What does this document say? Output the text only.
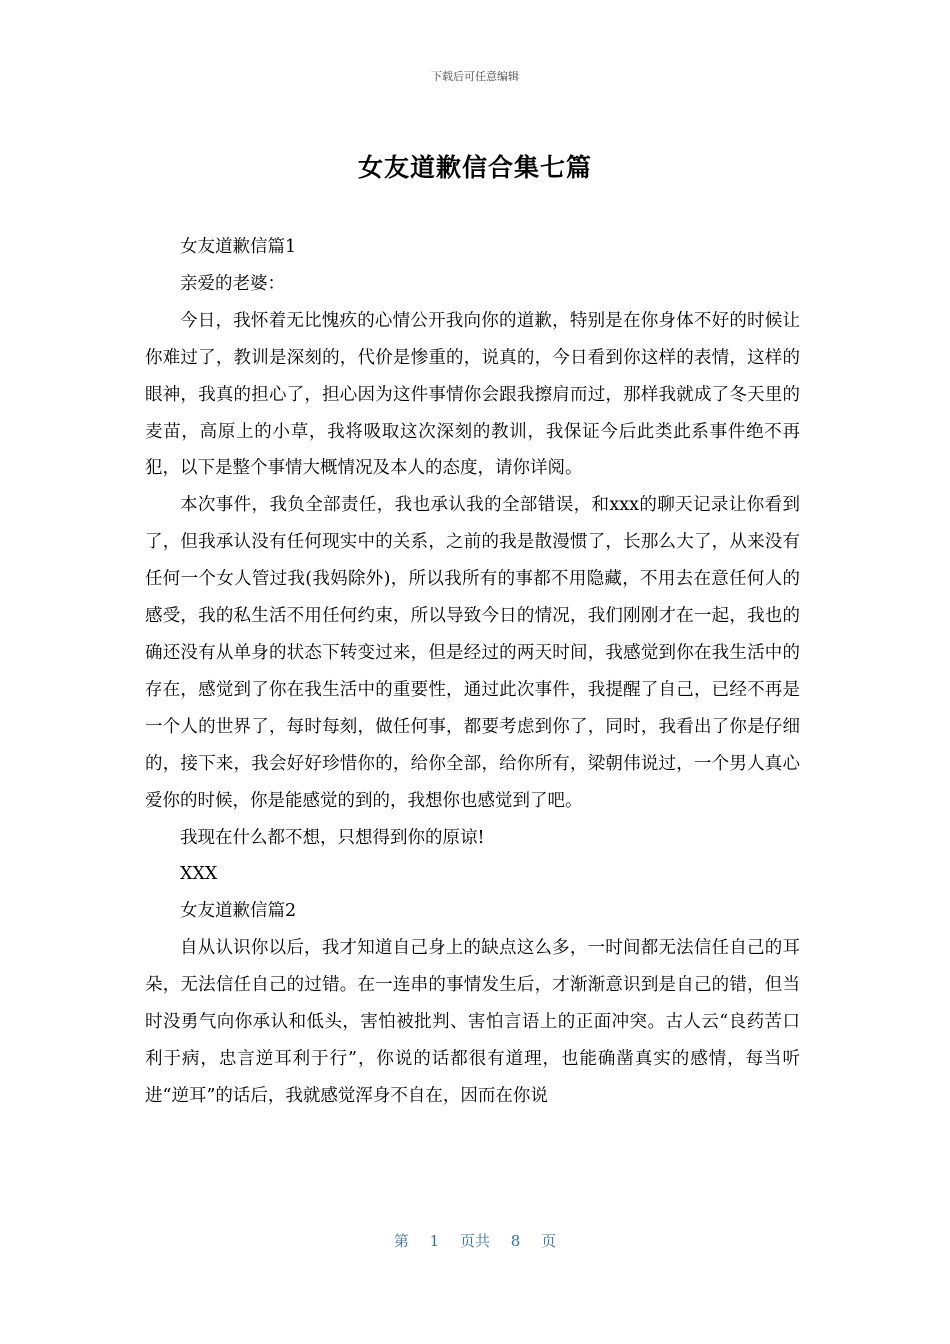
下载后可任意编辑
女友道歉信合集七篇

女友道歉信篇1

亲爱的老婆：

今日，我怀着无比愧疚的心情公开我向你的道歉，特别是在你身体不好的时候让你难过了，教训是深刻的，代价是惨重的，说真的，今日看到你这样的表情，这样的眼神，我真的担心了，担心因为这件事情你会跟我擦肩而过，那样我就成了冬天里的麦苗，高原上的小草，我将吸取这次深刻的教训，我保证今后此类此系事件绝不再犯，以下是整个事情大概情况及本人的态度，请你详阅。

本次事件，我负全部责任，我也承认我的全部错误，和xxx的聊天记录让你看到了，但我承认没有任何现实中的关系，之前的我是散漫惯了，长那么大了，从来没有任何一个女人管过我(我妈除外)，所以我所有的事都不用隐藏，不用去在意任何人的感受，我的私生活不用任何约束，所以导致今日的情况，我们刚刚才在一起，我也的确还没有从单身的状态下转变过来，但是经过的两天时间，我感觉到你在我生活中的存在，感觉到了你在我生活中的重要性，通过此次事件，我提醒了自己，已经不再是一个人的世界了，每时每刻，做任何事，都要考虑到你了，同时，我看出了你是仔细的，接下来，我会好好珍惜你的，给你全部，给你所有，梁朝伟说过，一个男人真心爱你的时候，你是能感觉的到的，我想你也感觉到了吧。

我现在什么都不想，只想得到你的原谅!

XXX

女友道歉信篇2

自从认识你以后，我才知道自己身上的缺点这么多，一时间都无法信任自己的耳朵，无法信任自己的过错。在一连串的事情发生后，才渐渐意识到是自己的错，但当时没勇气向你承认和低头，害怕被批判、害怕言语上的正面冲突。古人云“良药苦口利于病，忠言逆耳利于行”，你说的话都很有道理，也能确凿真实的感情，每当听进“逆耳”的话后，我就感觉浑身不自在，因而在你说

第 1 页共 8 页
